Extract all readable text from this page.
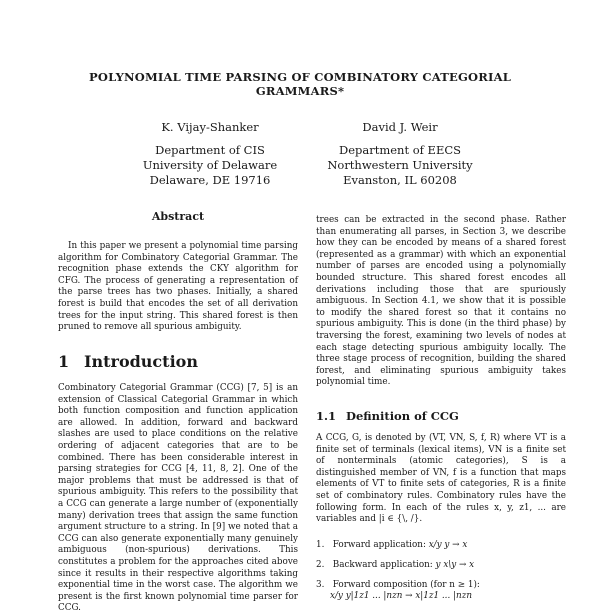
POLYNOMIAL TIME PARSING OF COMBINATORY CATEGORIAL
GRAMMARS*
K. Vijay-Shanker
Department of CIS
University of Delaware
Delaware, DE 19716
David J. Weir
Department of EECS
Northwestern University
Evanston, IL 60208
Abstract

In this paper we present a polynomial time parsing algorithm for Combinatory Categorial Grammar. The recognition phase extends the CKY algorithm for CFG. The process of generating a representation of the parse trees has two phases. Initially, a shared forest is build that encodes the set of all derivation trees for the input string. This shared forest is then pruned to remove all spurious ambiguity.

1 Introduction

Combinatory Categorial Grammar (CCG) [7, 5] is an extension of Classical Categorial Grammar in which both function composition and function application are allowed. In addition, forward and backward slashes are used to place conditions on the relative ordering of adjacent categories that are to be combined. There has been considerable interest in parsing strategies for CCG [4, 11, 8, 2]. One of the major problems that must be addressed is that of spurious ambiguity. This refers to the possibility that a CCG can generate a large number of (exponentially many) derivation trees that assign the same function argument structure to a string. In [9] we noted that a CCG can also generate exponentially many genuinely ambiguous (non-spurious) derivations. This constitutes a problem for the approaches cited above since it results in their respective algorithms taking exponential time in the worst case. The algorithm we present is the first known polynomial time parser for CCG.

trees can be extracted in the second phase. Rather than enumerating all parses, in Section 3, we describe how they can be encoded by means of a shared forest (represented as a grammar) with which an exponential number of parses are encoded using a polynomially bounded structure. This shared forest encodes all derivations including those that are spuriously ambiguous. In Section 4.1, we show that it is possible to modify the shared forest so that it contains no spurious ambiguity. This is done (in the third phase) by traversing the forest, examining two levels of nodes at each stage detecting spurious ambiguity locally. The three stage process of recognition, building the shared forest, and eliminating spurious ambiguity takes polynomial time.

1.1 Definition of CCG

A CCG, G, is denoted by (VT, VN, S, f, R) where VT is a finite set of terminals (lexical items), VN is a finite set of nonterminals (atomic categories), S is a distinguished member of VN, f is a function that maps elements of VT to finite sets of categories, R is a finite set of combinatory rules. Combinatory rules have the following form. In each of the rules x, y, z1, ... are variables and |i ∈ {\, /}.

1. Forward application: x/y y → x
2. Backward application: y x\y → x
3. Forward composition (for n ≥ 1):
x/y y|1z1 ... |nzn → x|1z1 ... |nzn
